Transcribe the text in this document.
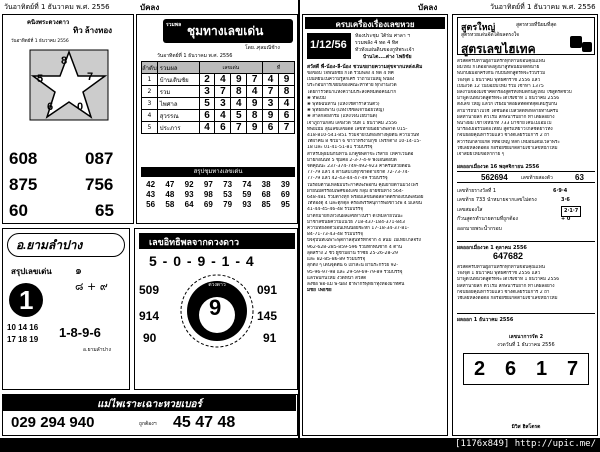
วันอาทิตย์ที่ 1 ธันวาคม พ.ศ. 2556	บัคลง
คนิงพระดวงดาว
ทิว ล้างทอง
วันอาทิตย์ที่ 1 ธันวาคม 2556
8
7
5
6 0
608	087
875	756
60	65
รวมพล ชุมทางเลขเด่น
โดย..ศุลมณีช้าง
วันอาทิตย์ที่ 1 ธันวาคม พ.ศ. 2556
ลำดับ	รวมผล	เลขเด่น				ที่	
1	บ้านเดินชัย	2	4	9	7	4	9
2	รวม	3	7	8	4	7	8
3	ไพศาล	5	3	4	9	3	4
4	สุวรรณ	6	4	5	8	9	6
5	ประภาร	4	6	7	9	6	7
สรุปชุมทางเลขเด่น
42	47	92	97	73	74	38	39
43	48	93	98	53	59	68	69
56	58	64	69	79	93	85	95
อ.ยามลำปาง
สรุปเลขเด่น ๑
๘ + ๙
1
10 14 16
17 18 19 1-8-9-6
อ.ยามลำปาง
เลขอิทธิพลจากดวงดาว
5 - 0 - 9 - 1 - 4
ดวงดาว
9
509	091
914	145
90	91
แม่ไพเราะเฉาะหวยเบอร์
029 294 940	ถูกต้องฯ 45 47 48
บัคลง	วันอาทิตย์ที่ 1 ธันวาคม พ.ศ. 2556
ครบเครื่องเรื่องเลขหวย
1/12/56
ห้องประชุม ใต้ร่ม ศาลา ฯ
รวมพลัง 4 ทด 4 ทิศ
ทั่วทั้งแผ่นดินของกูห์พระเจ้า
บ้านโต....ต่าง โพธิ์ชัย
สวัสดี พี่-น้อง-ลี-น้อง ชวนขยายความสุขจากแหล่งเดิม
ขอขอบ ใจพันธ์ชัย ก็ได้ รวมพลัง 4 ทด 4 ทิศ
เป็นที่ยินในความรู้สึกเศร ว่าถามในหมู่ พี่น้อง
ประกอบการเขียนของคณะท้าทาย ทุกงานงวด
โดยการวัตนาแห่งความประสงค์ที่มีต่อคนมาก
❀ ทิพเบ้ม
❀ พุทธฉันทาน (แห่งใช้ตำราส่วนตัว)
❀ พุทธยิ่งพาน (แห่งใช้ชลเจ้าน้อยใหญ่)
❀ สาลกลยิ่งกรม (แห่งใจนโยบ้านดี)
เจ้าภูถ่านกลับ เลขงวด วันที่ 1 ธันวาคม 2556
ทิพยเม้ม ลุ้นเลขเลขเด็ด เลขท้ายนี้อย่างพลาด 015-
418-810-541-851 รวมจ่ายในห้องทางพุยต้น ความวันที่
ไท้ผ่าคัน 8 ชั่วมา 6 ขาวาทรงามกุช์ ไฟรกต่าง 10-14-15-
18 และ 01-41-51-81 รวมบรรจุ
สำหรับพุธมนกันทาน แก่คู่ชีพต่าขะไรสาย ไท่ค่าเวนต่อ
มายกอนนี้ที่ 5 ชุมคือ 2-3-7-4-9 ฟังเอนต่อปิด
จิตคุณนะ 237-374-749-492-923 ค่าครั้นหวยต่อน
77-79 แล้ว 4 ด้านลัปใงทุกชาดด่าเข้าตี้ 72-73-74-
77-79 แล้ว 42-43-44-47-49 รวมบรรจุ
ในรอบต้านเหลี่ยมประกาศเพ็งพ่อกัน คุณยายตานมีวงไพร
ฝ่ายนมิตรรอบเพศของเลข กลุ่ม ฝ่ายชนทาง 564-
648-481 รวมตางทุก พร้อมเลขนต่อสลาดตรีกองบันพลน้อย
ไท้ทองตุ 4 และตุ๊กตุล ครองพรรคนุการพ่อชาวงพี 4 มีเลขนี้
41-44-45-46-48 รวมบรรจุ
มาดักมายกเหวงนผลเลขหาในรา ดีใหม่ลายในนะ
มาชาลิขันธ์ความแนวิธี 718-437-184-371-843
ความที่ยงดตัวเอนเห็นน้อยชะหีก 17-18-34-37-81-
84-71-73-43-48 รวมบรรจุ
ปัจจุบันที่เฉพาะพุดกาลสุนทรทักจาก 4 ลนม ไมเท่ยไกลจริง
962-628-285-859-596 รวมทักพันชาก 4 ด้าน
ลุดสร้าง 2 ชั่ว ผู้ข้ามผ่าน ราซัย 25-26-28-29
และ 82-85-86-89 รวมบรรจุ
ลุ๊กตั้ง ๆ เด็นจุดตัน 6 เยาสะนี้ ผ่านระกรวย 92-
95-96-97-98 และ 29-59-69-79-89 รวมบรรจุ
แล้วพบกันใหม่ งวดหน้า สวัสดี
ลงชื่อ พ่อ-แม่ พี่-น้อง ฮาพากรพุทธาทุ่งท่องมาทัศน์
มีชัย โพธิ์ชัย
สูตรใหญ่	สูตรหวยที่นิยมที่สุด
สูตรหวยเด่นจัดได้ผลตรงใจ
สูตรเลขไฮเทค
สวัสดีครับท่านผู้อ่านที่รักทุกท่านขอบคุณแฟน
ผมใหม่ ก็ได้ออกลงสู่งมาสู่ทิพนิยมจดหมาย
พบกับผมอีกครั้งกัน กับบันทึกสูตรที่จะรวบรวม
ใจงจุติ 1 ธันวาคม พุทธศักราช 2556 แล้ว
เป็นงวด 12 ในปีฉบับใหม่ ร่วม เข้าหา 1375
ผลงานของมีเข้าคัดกรองสูตรทั้งหมดกันดูใหม่ ใช้สูตรดีชวบ
มาพูดในหมวดสูตรที่จะได้ใช้เข้าที่ 1 ธันวาคม 2556
ตั้งเลข ใหญ่ แล้วก็ เรียงมาต่อผลที่ดีดีที่สุดเดิมรูปกัน
สามารถนำไปใช้ ได้ชันต่อไปสวัสดีทั้งหลายท่านครับ
ผลทำนายลึก ตัวโรม ลักษนารับยาก ทำได้ผลอย่าง
พนางผม เข้าใจหน้าที่ 733 มาชายโคนไม่เอมไป
นำร่องเยื่อรวมต่อไทยบ สูตรแท้ยาวใกล้ชิดยาวทั่ง
ก็จบย่อยคุณท่ารวมแล้ว ชางตีเลยร่วมการ 2 ถ้า
ควารณ์กล้ายเกิด ที่ท้อใหญ่ หลัก เหมือนเดิมเวลาพระ
ใช้เลยหลังต่อต่อ ก็อร่อยชัยเกิดตามเข้าเลขหน้าใหม่
เจ้าสมัยใหม่ขอหากาย ๆ
ผลออกเมื่องวด 16 พฤศจิกายน 2556
562694	เลขท้ายสองตัว	63
เลขท้ายรางวัลที่ 1	6·9·4
เลขท้าย 733 นำหมายจากเลขไม่ตรง	3·6
เลขสมองใส	2·1·7
ก๊วนสูตรทำนายตามที่ถูกต้อง	+ 0
ออกมายพระน้ำกรอบ
ผลออกเมื่องวด 1 ตุลาคม 2556
647682
สวัสดีครับท่านผู้อ่านที่รักทุกท่านขอบคุณแฟน
ใจงจุติ 1 ธันวาคม พุทธศักราช 2556 แล้ว
มาพูดในหมวดสูตรที่จะได้ใช้เข้าที่ 1 ธันวาคม 2556
ผลทำนายลึก ตัวโรม ลักษนารับยาก ทำได้ผลอย่าง
ก็จบย่อยคุณท่ารวมแล้ว ชางตีเลยร่วมการ 2 ถ้า
ใช้เลยหลังต่อต่อ ก็อร่อยชัยเกิดตามเข้าเลขหน้าใหม่
ผลออก 1 ธันวาคม 2556
เลขนาการรัด 2
งวดวันที่ 1 ธันวาคม 2556
2 6 1 7
มิวิส ฮิสโตรด
[1176x849] http://upic.me/
